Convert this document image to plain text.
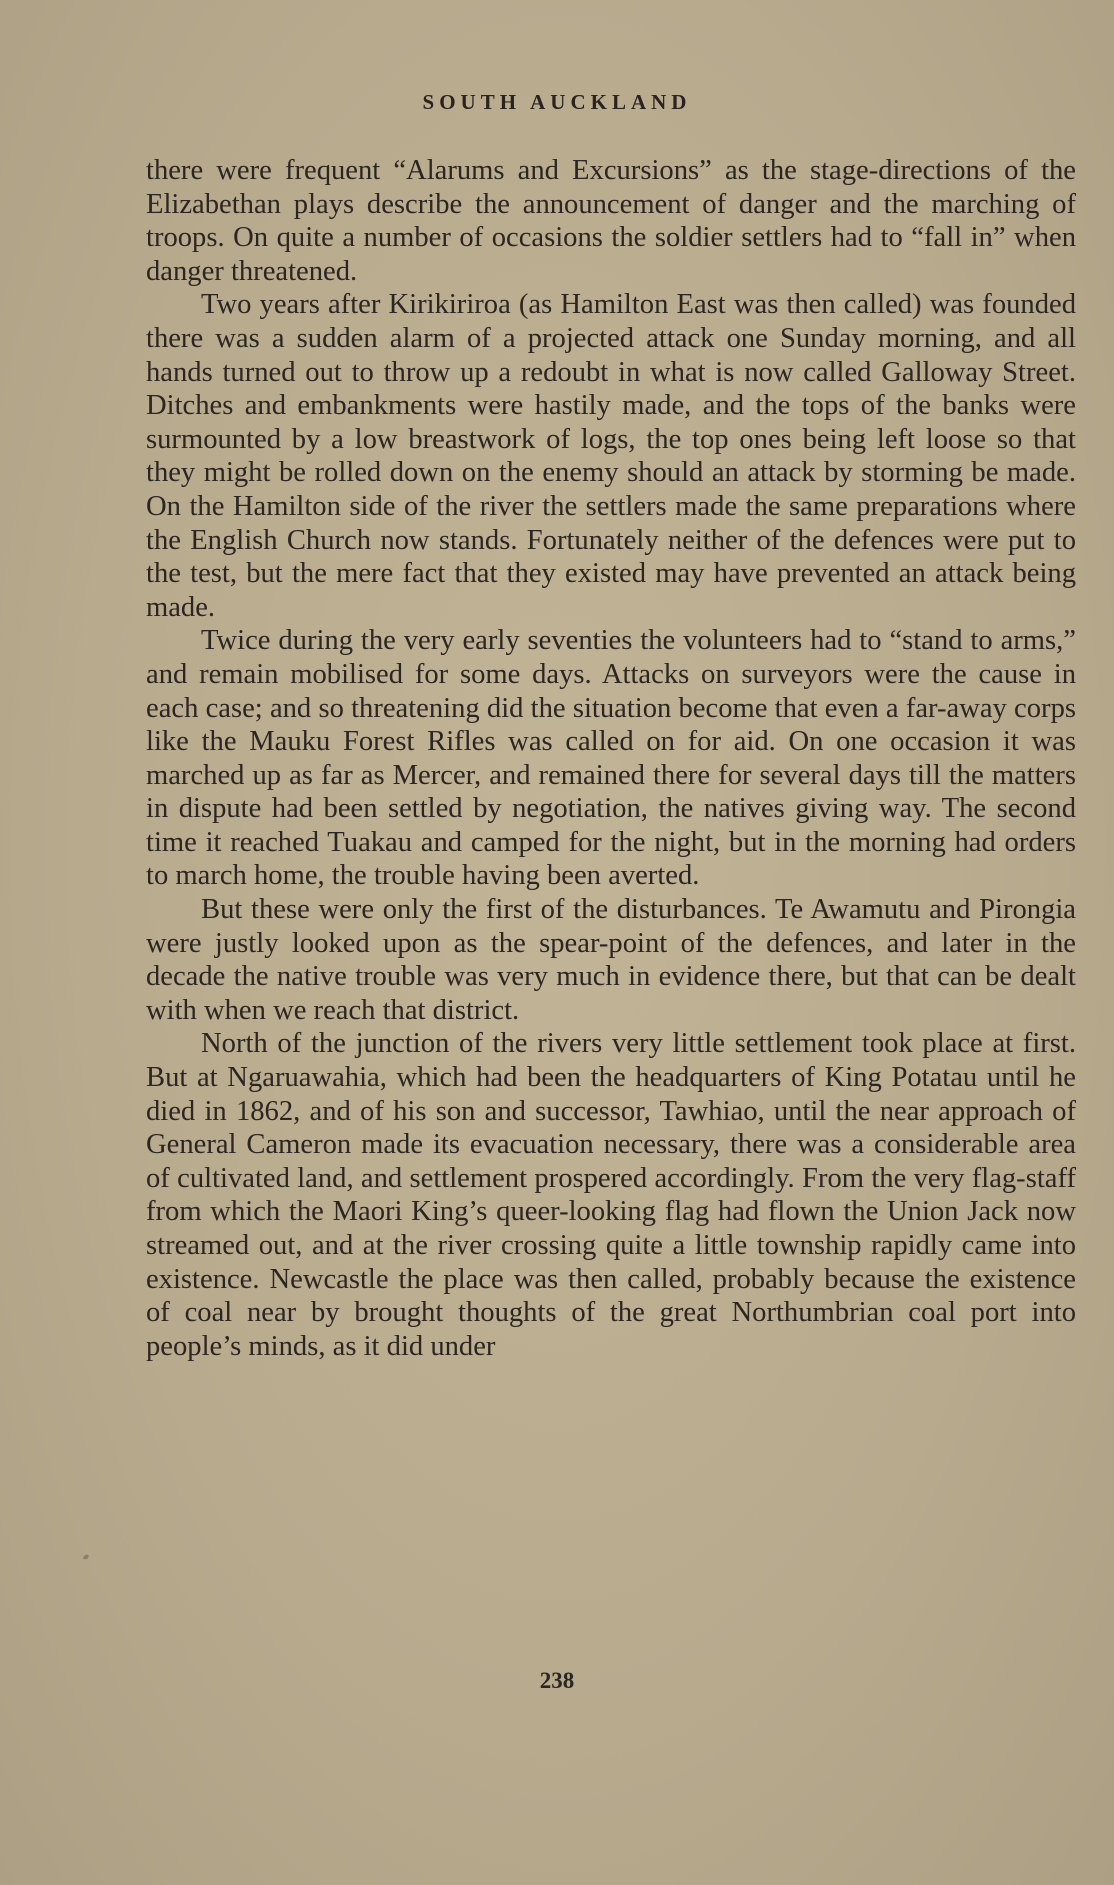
SOUTH AUCKLAND

there were frequent “Alarums and Excursions” as the stage-directions of the Elizabethan plays describe the announcement of danger and the marching of troops. On quite a number of occasions the soldier settlers had to “fall in” when danger threatened.

Two years after Kirikiriroa (as Hamilton East was then called) was founded there was a sudden alarm of a projected attack one Sunday morning, and all hands turned out to throw up a redoubt in what is now called Galloway Street. Ditches and embankments were hastily made, and the tops of the banks were surmounted by a low breastwork of logs, the top ones being left loose so that they might be rolled down on the enemy should an attack by storming be made. On the Hamilton side of the river the settlers made the same preparations where the English Church now stands. Fortunately neither of the defences were put to the test, but the mere fact that they existed may have prevented an attack being made.

Twice during the very early seventies the volunteers had to “stand to arms,” and remain mobilised for some days. Attacks on surveyors were the cause in each case; and so threatening did the situation become that even a far-away corps like the Mauku Forest Rifles was called on for aid. On one occasion it was marched up as far as Mercer, and remained there for several days till the matters in dispute had been settled by negotiation, the natives giving way. The second time it reached Tuakau and camped for the night, but in the morning had orders to march home, the trouble having been averted.

But these were only the first of the disturbances. Te Awamutu and Pirongia were justly looked upon as the spear-point of the defences, and later in the decade the native trouble was very much in evidence there, but that can be dealt with when we reach that district.

North of the junction of the rivers very little settlement took place at first. But at Ngaruawahia, which had been the headquarters of King Potatau until he died in 1862, and of his son and successor, Tawhiao, until the near approach of General Cameron made its evacuation necessary, there was a considerable area of cultivated land, and settlement prospered accordingly. From the very flag-staff from which the Maori King’s queer-looking flag had flown the Union Jack now streamed out, and at the river crossing quite a little township rapidly came into existence. Newcastle the place was then called, probably because the existence of coal near by brought thoughts of the great Northumbrian coal port into people’s minds, as it did under

238
